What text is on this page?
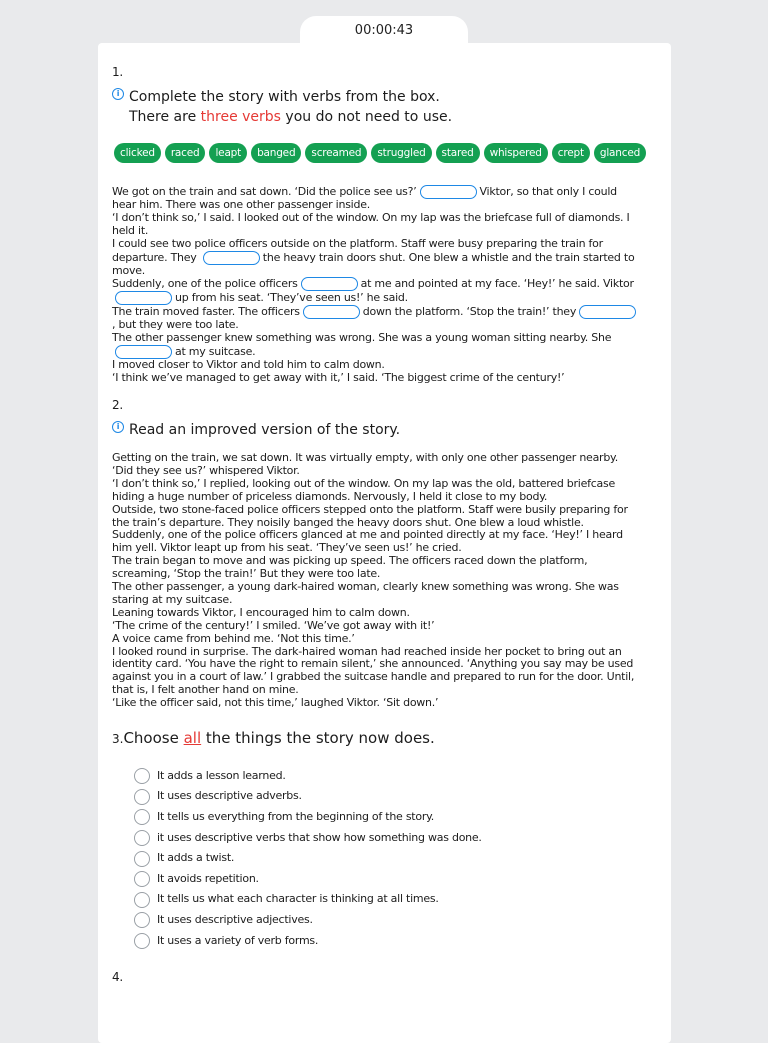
00:00:43

1.

i Complete the story with verbs from the box.
There are three verbs you do not need to use.
clicked	raced	leapt	banged	screamed	struggled	stared	whispered	crept	glanced

We got on the train and sat down. ‘Did the police see us?’	Viktor, so that only I could hear him. There was one other passenger inside.

‘I don’t think so,’ I said. I looked out of the window. On my lap was the briefcase full of diamonds. I held it.

I could see two police officers outside on the platform. Staff were busy preparing the train for departure. They	the heavy train doors shut. One blew a whistle and the train started to move.

Suddenly, one of the police officers	at me and pointed at my face. ‘Hey!’ he said. Viktor up from his seat. ‘They’ve seen us!’ he said.

The train moved faster. The officers	down the platform. ‘Stop the train!’ they, but they were too late.

The other passenger knew something was wrong. She was a young woman sitting nearby. She at my suitcase.

I moved closer to Viktor and told him to calm down.

‘I think we’ve managed to get away with it,’ I said. ‘The biggest crime of the century!’

2.

i Read an improved version of the story.

Getting on the train, we sat down. It was virtually empty, with only one other passenger nearby.

‘Did they see us?’ whispered Viktor.

‘I don’t think so,’ I replied, looking out of the window. On my lap was the old, battered briefcase hiding a huge number of priceless diamonds. Nervously, I held it close to my body.

Outside, two stone-faced police officers stepped onto the platform. Staff were busily preparing for the train’s departure. They noisily banged the heavy doors shut. One blew a loud whistle.

Suddenly, one of the police officers glanced at me and pointed directly at my face. ‘Hey!’ I heard him yell. Viktor leapt up from his seat. ‘They’ve seen us!’ he cried.

The train began to move and was picking up speed. The officers raced down the platform, screaming, ‘Stop the train!’ But they were too late.

The other passenger, a young dark-haired woman, clearly knew something was wrong. She was staring at my suitcase.

Leaning towards Viktor, I encouraged him to calm down.

‘The crime of the century!’ I smiled. ‘We’ve got away with it!’

A voice came from behind me. ‘Not this time.’

I looked round in surprise. The dark-haired woman had reached inside her pocket to bring out an identity card. ‘You have the right to remain silent,’ she announced. ‘Anything you say may be used against you in a court of law.’ I grabbed the suitcase handle and prepared to run for the door. Until, that is, I felt another hand on mine.

‘Like the officer said, not this time,’ laughed Viktor. ‘Sit down.’

3.Choose all the things the story now does.
It adds a lesson learned.
It uses descriptive adverbs.
It tells us everything from the beginning of the story.
it uses descriptive verbs that show how something was done.
It adds a twist.
It avoids repetition.
It tells us what each character is thinking at all times.
It uses descriptive adjectives.
It uses a variety of verb forms.

4.
